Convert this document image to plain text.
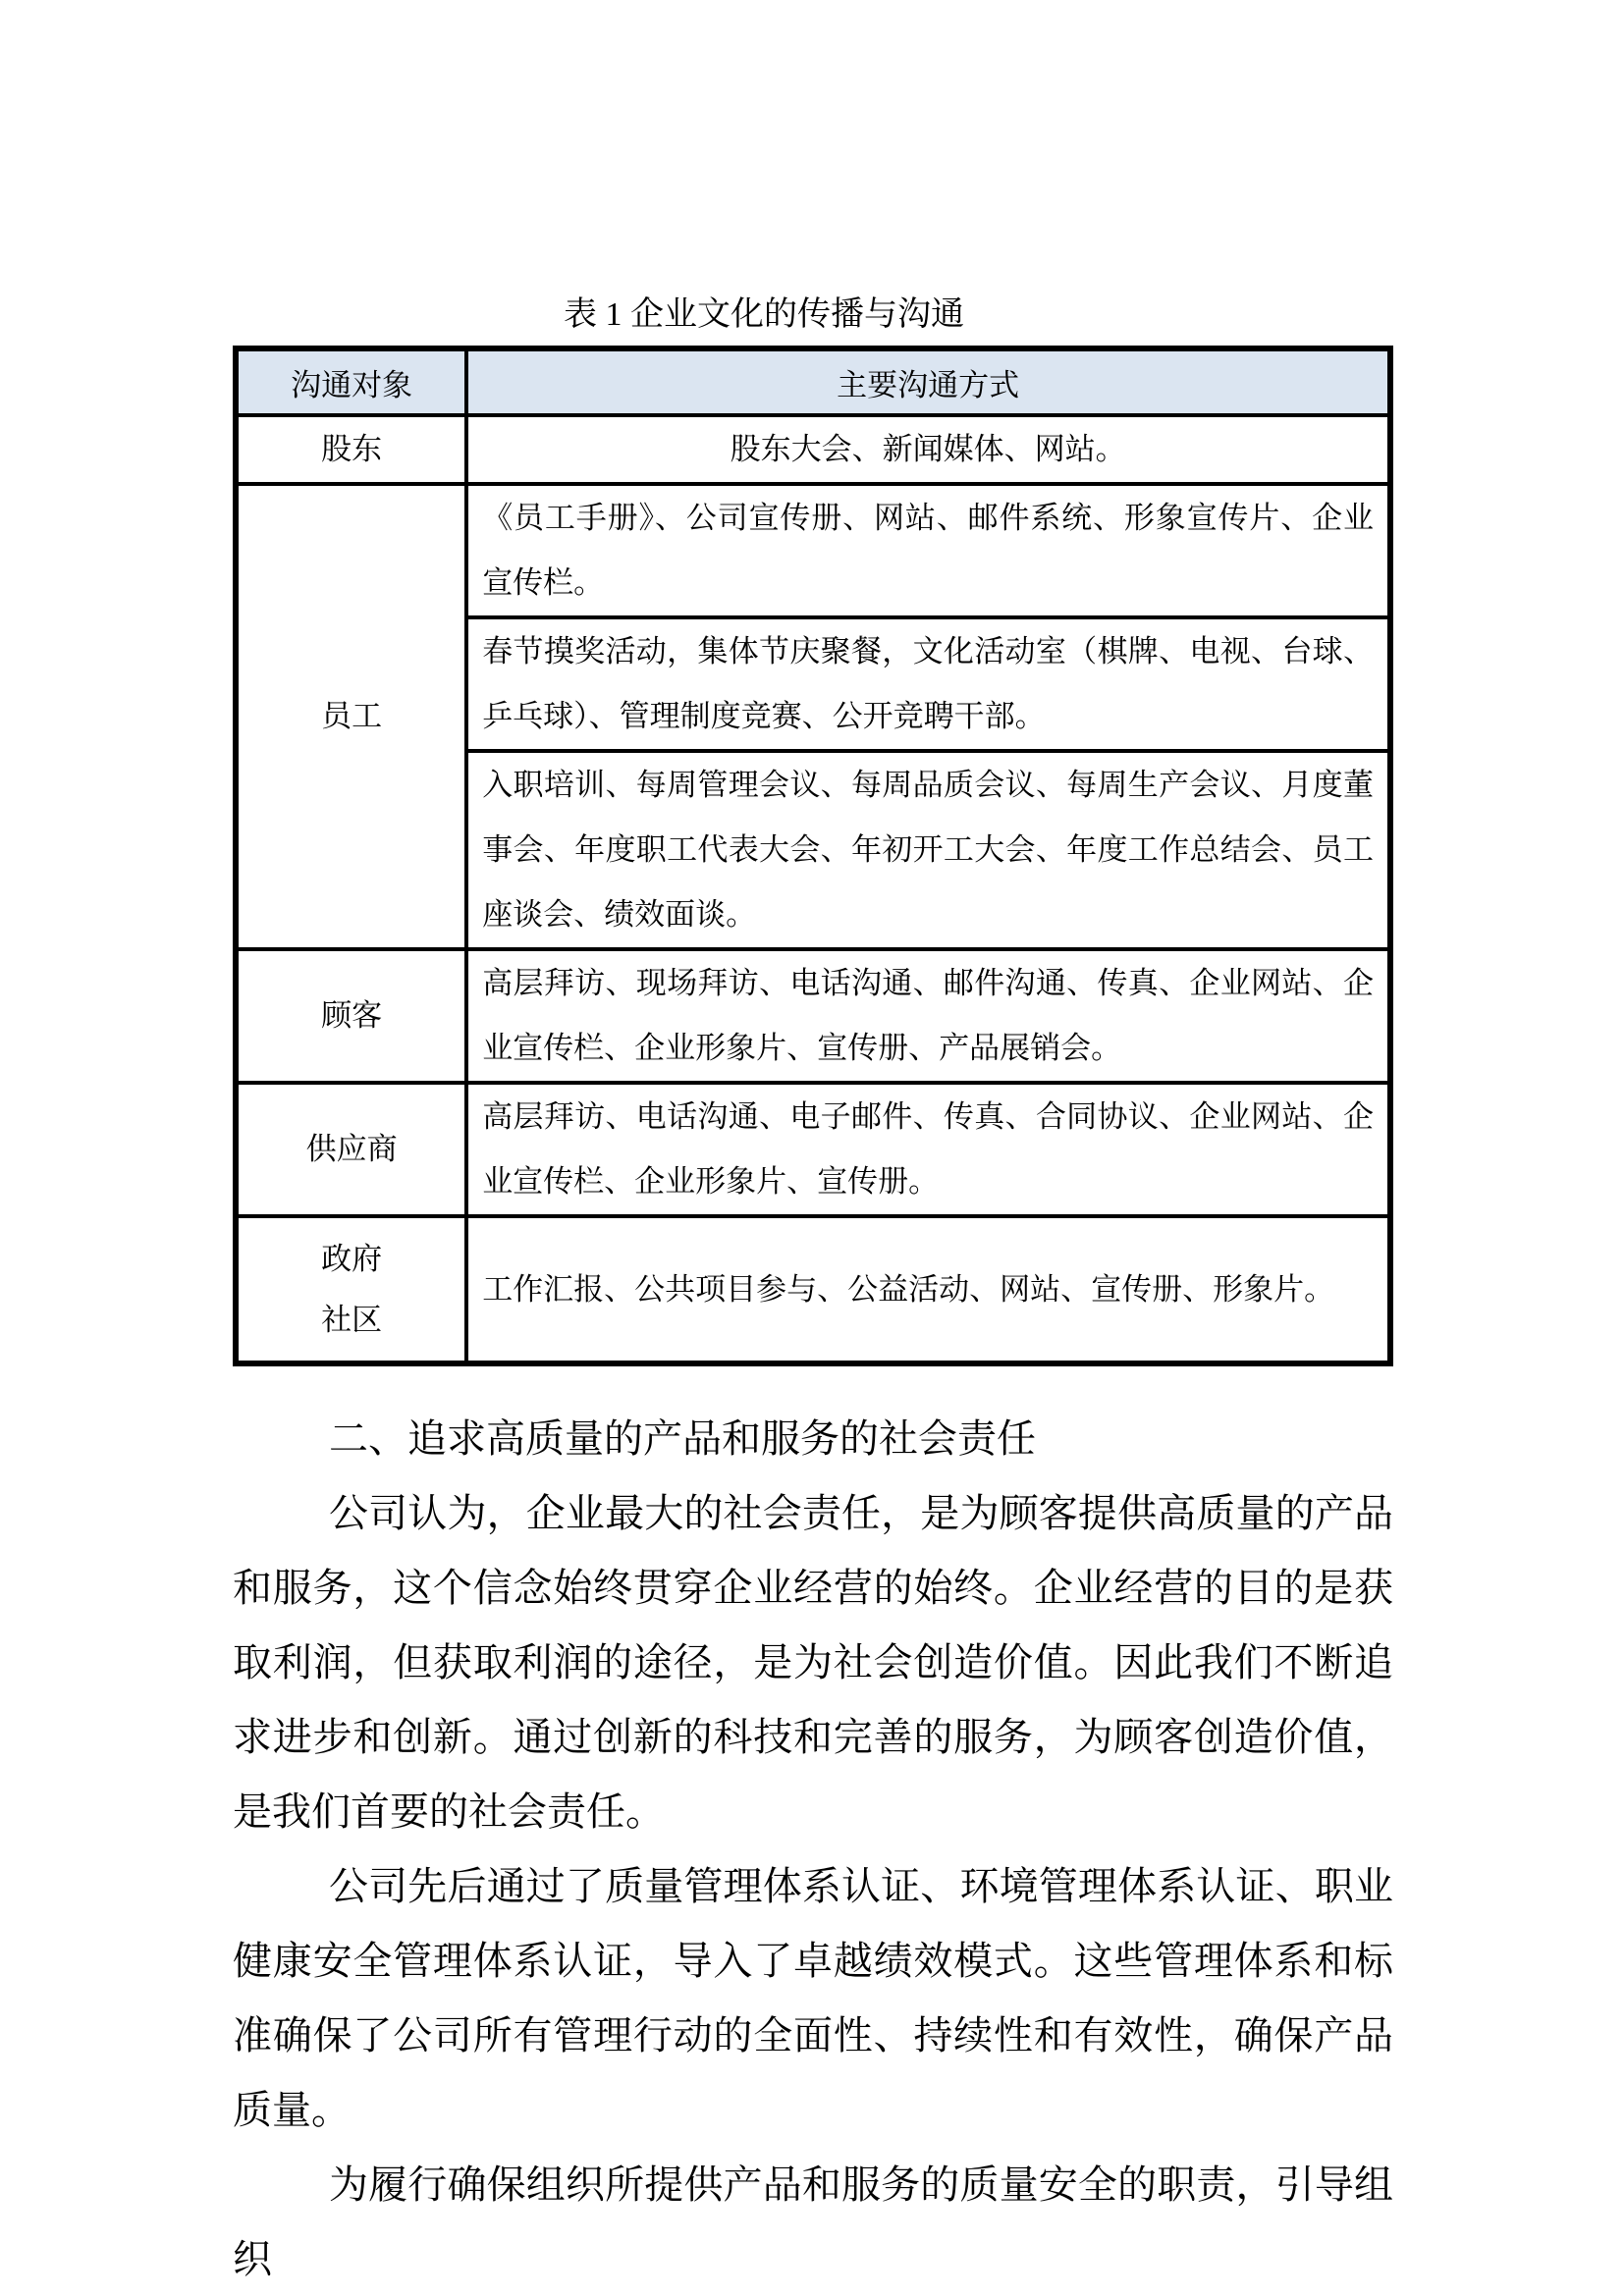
表 1 企业文化的传播与沟通

沟通对象	主要沟通方式
股东	股东大会、新闻媒体、网站。
员工	《员工手册》、公司宣传册、网站、邮件系统、形象宣传片、企业宣传栏。
	春节摸奖活动，集体节庆聚餐，文化活动室（棋牌、电视、台球、乒乓球）、管理制度竞赛、公开竞聘干部。
	入职培训、每周管理会议、每周品质会议、每周生产会议、月度董事会、年度职工代表大会、年初开工大会、年度工作总结会、员工座谈会、绩效面谈。
顾客	高层拜访、现场拜访、电话沟通、邮件沟通、传真、企业网站、企业宣传栏、企业形象片、宣传册、产品展销会。
供应商	高层拜访、电话沟通、电子邮件、传真、合同协议、企业网站、企业宣传栏、企业形象片、宣传册。

政府
社区	工作汇报、公共项目参与、公益活动、网站、宣传册、形象片。
二、追求高质量的产品和服务的社会责任

公司认为，企业最大的社会责任，是为顾客提供高质量的产品和服务，这个信念始终贯穿企业经营的始终。企业经营的目的是获取利润，但获取利润的途径，是为社会创造价值。因此我们不断追求进步和创新。通过创新的科技和完善的服务，为顾客创造价值，是我们首要的社会责任。

公司先后通过了质量管理体系认证、环境管理体系认证、职业健康安全管理体系认证，导入了卓越绩效模式。这些管理体系和标准确保了公司所有管理行动的全面性、持续性和有效性，确保产品质量。

为履行确保组织所提供产品和服务的质量安全的职责，引导组织
